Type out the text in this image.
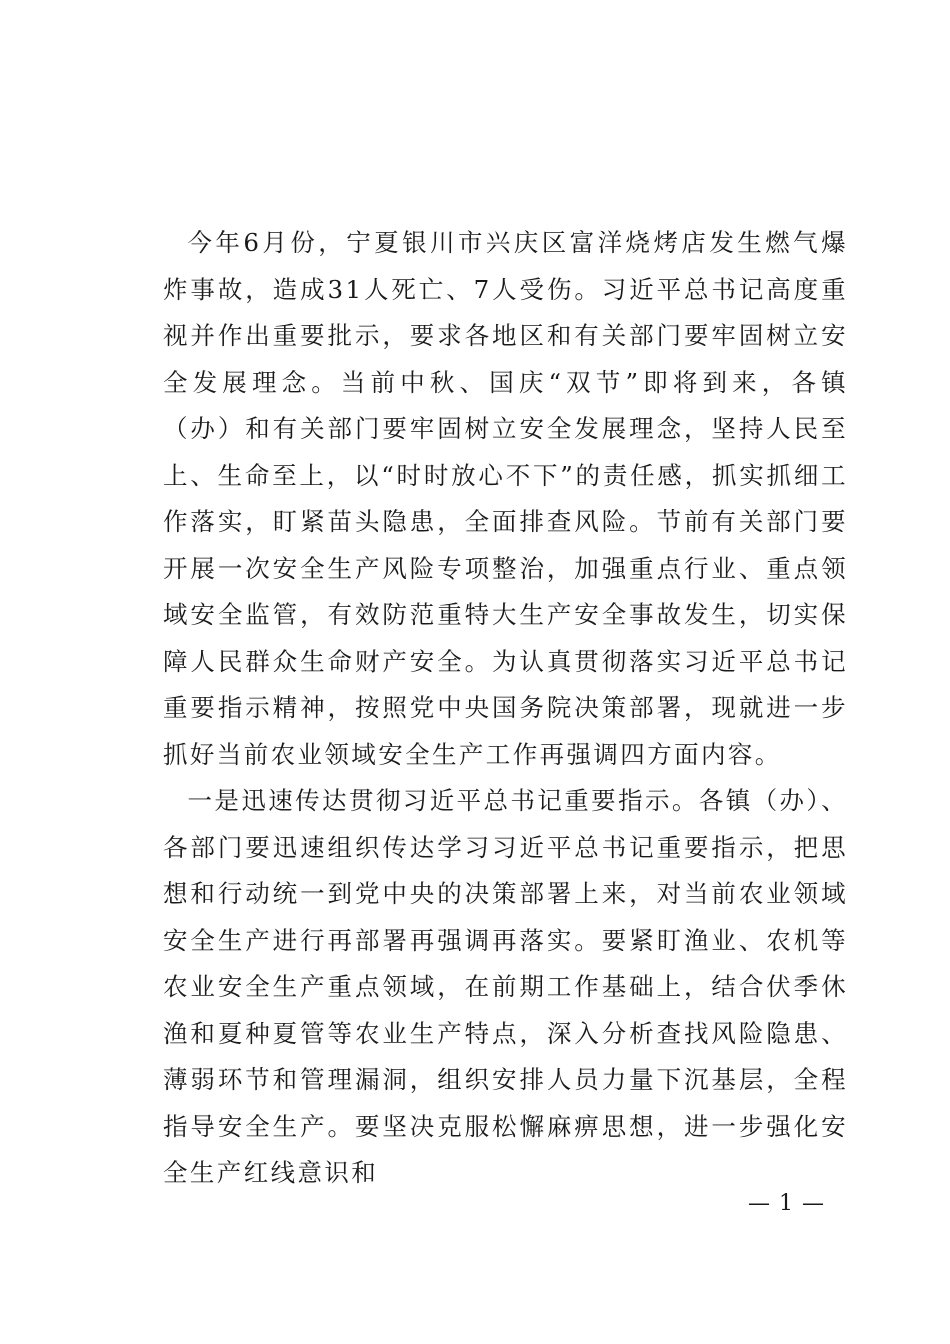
今年6月份，宁夏银川市兴庆区富洋烧烤店发生燃气爆炸事故，造成31人死亡、7人受伤。习近平总书记高度重视并作出重要批示，要求各地区和有关部门要牢固树立安全发展理念。当前中秋、国庆“双节”即将到来，各镇（办）和有关部门要牢固树立安全发展理念，坚持人民至上、生命至上，以“时时放心不下”的责任感，抓实抓细工作落实，盯紧苗头隐患，全面排查风险。节前有关部门要开展一次安全生产风险专项整治，加强重点行业、重点领域安全监管，有效防范重特大生产安全事故发生，切实保障人民群众生命财产安全。为认真贯彻落实习近平总书记重要指示精神，按照党中央国务院决策部署，现就进一步抓好当前农业领域安全生产工作再强调四方面内容。

一是迅速传达贯彻习近平总书记重要指示。各镇（办）、各部门要迅速组织传达学习习近平总书记重要指示，把思想和行动统一到党中央的决策部署上来，对当前农业领域安全生产进行再部署再强调再落实。要紧盯渔业、农机等农业安全生产重点领域，在前期工作基础上，结合伏季休渔和夏种夏管等农业生产特点，深入分析查找风险隐患、薄弱环节和管理漏洞，组织安排人员力量下沉基层，全程指导安全生产。要坚决克服松懈麻痹思想，进一步强化安全生产红线意识和

— 1 —
